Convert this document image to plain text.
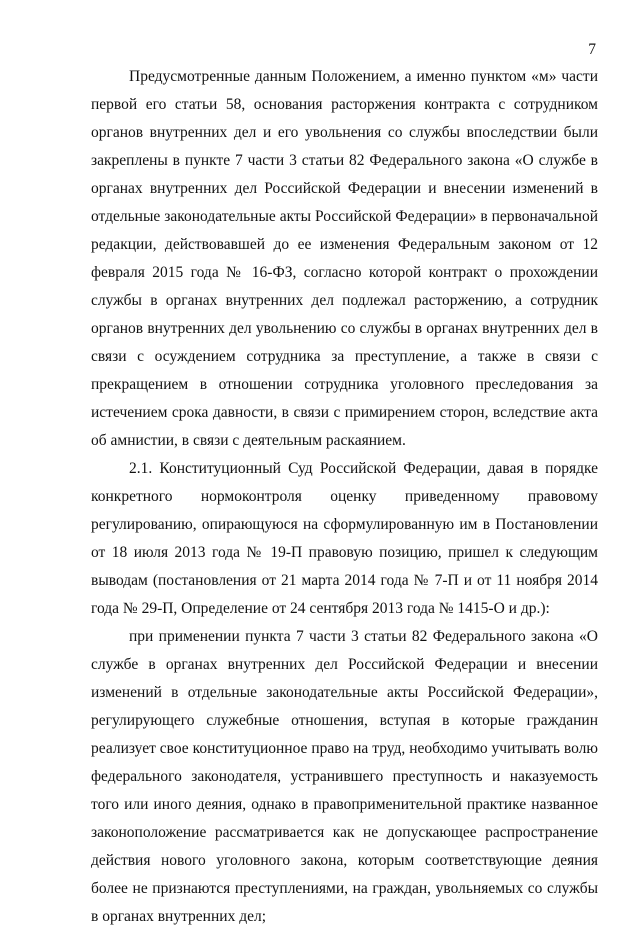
7

Предусмотренные данным Положением, а именно пунктом «м» части первой его статьи 58, основания расторжения контракта с сотрудником органов внутренних дел и его увольнения со службы впоследствии были закреплены в пункте 7 части 3 статьи 82 Федерального закона «О службе в органах внутренних дел Российской Федерации и внесении изменений в отдельные законодательные акты Российской Федерации» в первоначальной редакции, действовавшей до ее изменения Федеральным законом от 12 февраля 2015 года № 16-ФЗ, согласно которой контракт о прохождении службы в органах внутренних дел подлежал расторжению, а сотрудник органов внутренних дел увольнению со службы в органах внутренних дел в связи с осуждением сотрудника за преступление, а также в связи с прекращением в отношении сотрудника уголовного преследования за истечением срока давности, в связи с примирением сторон, вследствие акта об амнистии, в связи с деятельным раскаянием.

2.1. Конституционный Суд Российской Федерации, давая в порядке конкретного нормоконтроля оценку приведенному правовому регулированию, опирающуюся на сформулированную им в Постановлении от 18 июля 2013 года № 19-П правовую позицию, пришел к следующим выводам (постановления от 21 марта 2014 года № 7-П и от 11 ноября 2014 года № 29-П, Определение от 24 сентября 2013 года № 1415-О и др.):

при применении пункта 7 части 3 статьи 82 Федерального закона «О службе в органах внутренних дел Российской Федерации и внесении изменений в отдельные законодательные акты Российской Федерации», регулирующего служебные отношения, вступая в которые гражданин реализует свое конституционное право на труд, необходимо учитывать волю федерального законодателя, устранившего преступность и наказуемость того или иного деяния, однако в правоприменительной практике названное законоположение рассматривается как не допускающее распространение действия нового уголовного закона, которым соответствующие деяния более не признаются преступлениями, на граждан, увольняемых со службы в органах внутренних дел;
